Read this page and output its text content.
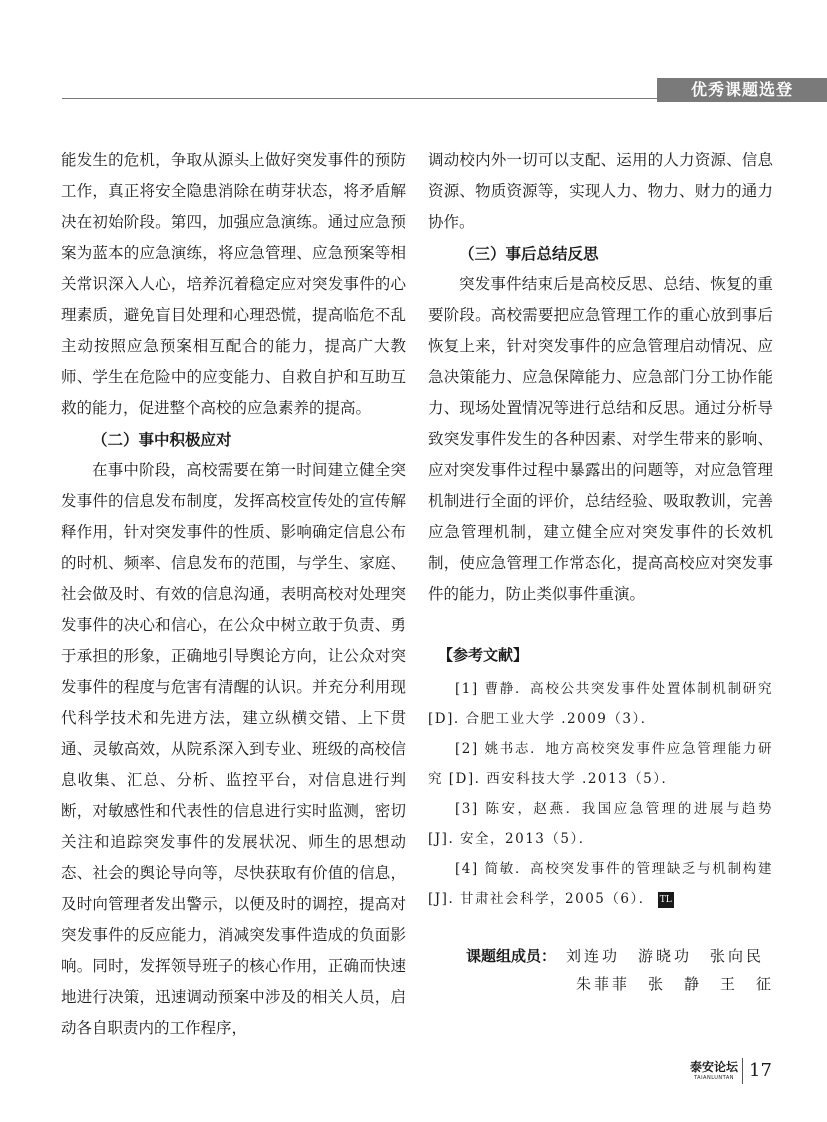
优秀课题选登

能发生的危机，争取从源头上做好突发事件的预防工作，真正将安全隐患消除在萌芽状态，将矛盾解决在初始阶段。第四，加强应急演练。通过应急预案为蓝本的应急演练，将应急管理、应急预案等相关常识深入人心，培养沉着稳定应对突发事件的心理素质，避免盲目处理和心理恐慌，提高临危不乱主动按照应急预案相互配合的能力，提高广大教师、学生在危险中的应变能力、自救自护和互助互救的能力，促进整个高校的应急素养的提高。

（二）事中积极应对

在事中阶段，高校需要在第一时间建立健全突发事件的信息发布制度，发挥高校宣传处的宣传解释作用，针对突发事件的性质、影响确定信息公布的时机、频率、信息发布的范围，与学生、家庭、社会做及时、有效的信息沟通，表明高校对处理突发事件的决心和信心，在公众中树立敢于负责、勇于承担的形象，正确地引导舆论方向，让公众对突发事件的程度与危害有清醒的认识。并充分利用现代科学技术和先进方法，建立纵横交错、上下贯通、灵敏高效，从院系深入到专业、班级的高校信息收集、汇总、分析、监控平台，对信息进行判断，对敏感性和代表性的信息进行实时监测，密切关注和追踪突发事件的发展状况、师生的思想动态、社会的舆论导向等，尽快获取有价值的信息，及时向管理者发出警示，以便及时的调控，提高对突发事件的反应能力，消减突发事件造成的负面影响。同时，发挥领导班子的核心作用，正确而快速地进行决策，迅速调动预案中涉及的相关人员，启动各自职责内的工作程序，

调动校内外一切可以支配、运用的人力资源、信息资源、物质资源等，实现人力、物力、财力的通力协作。

（三）事后总结反思

突发事件结束后是高校反思、总结、恢复的重要阶段。高校需要把应急管理工作的重心放到事后恢复上来，针对突发事件的应急管理启动情况、应急决策能力、应急保障能力、应急部门分工协作能力、现场处置情况等进行总结和反思。通过分析导致突发事件发生的各种因素、对学生带来的影响、应对突发事件过程中暴露出的问题等，对应急管理机制进行全面的评价，总结经验、吸取教训，完善应急管理机制，建立健全应对突发事件的长效机制，使应急管理工作常态化，提高高校应对突发事件的能力，防止类似事件重演。

【参考文献】

[1] 曹静．高校公共突发事件处置体制机制研究 [D]. 合肥工业大学 .2009（3）．

[2] 姚书志．地方高校突发事件应急管理能力研究 [D]. 西安科技大学 .2013（5）．

[3] 陈安，赵燕．我国应急管理的进展与趋势 [J]. 安全，2013（5）．

[4] 简敏．高校突发事件的管理缺乏与机制构建 [J]. 甘肃社会科学，2005（6）． TL

课题组成员： 刘连功　游晓功　张向民
朱菲菲　张　静　王　征
泰安论坛
TAIANLUNTAN 17
